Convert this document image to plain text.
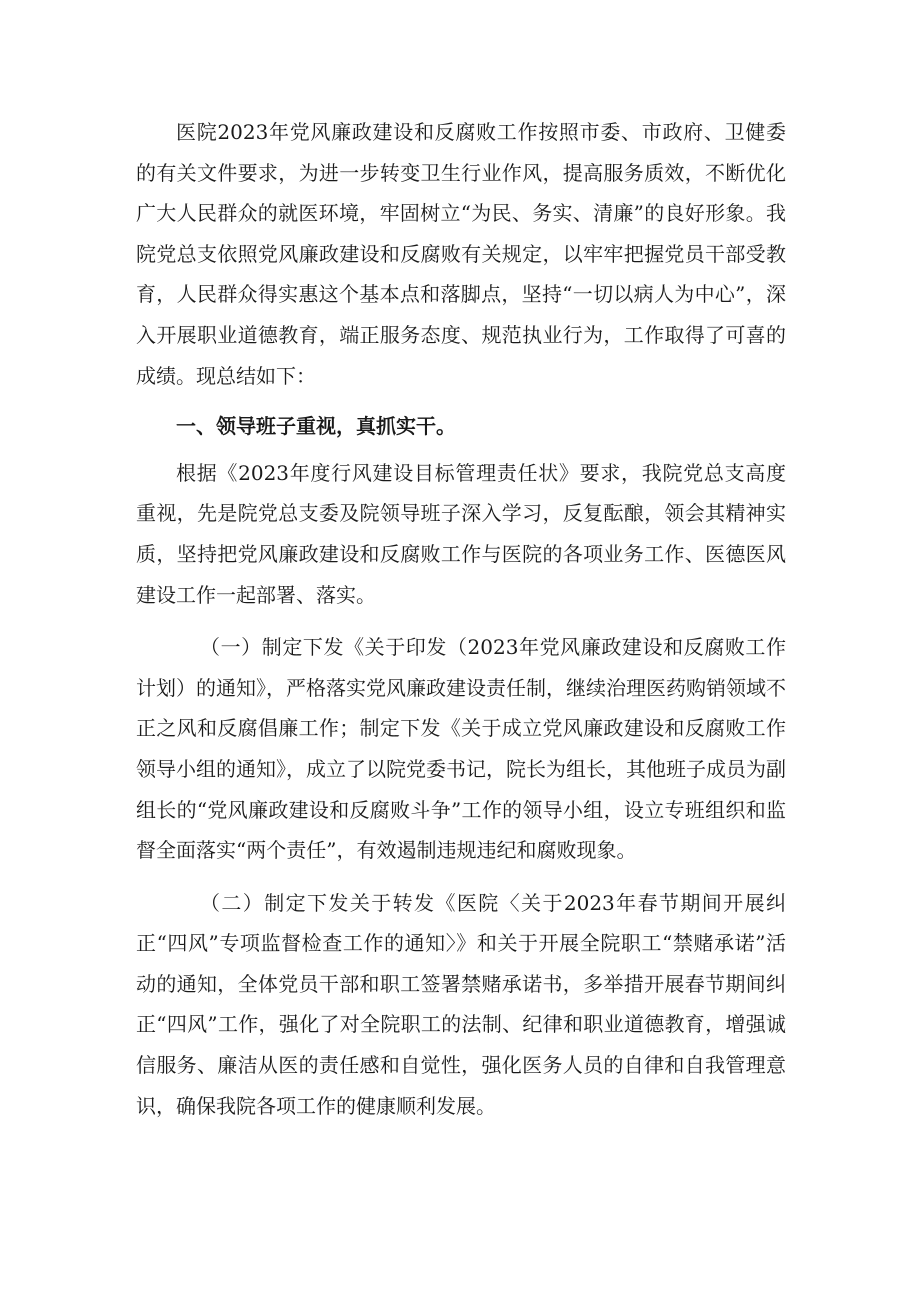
医院2023年党风廉政建设和反腐败工作按照市委、市政府、卫健委的有关文件要求，为进一步转变卫生行业作风，提高服务质效，不断优化广大人民群众的就医环境，牢固树立“为民、务实、清廉”的良好形象。我院党总支依照党风廉政建设和反腐败有关规定，以牢牢把握党员干部受教育，人民群众得实惠这个基本点和落脚点，坚持“一切以病人为中心”，深入开展职业道德教育，端正服务态度、规范执业行为，工作取得了可喜的成绩。现总结如下：

一、领导班子重视，真抓实干。

根据《2023年度行风建设目标管理责任状》要求，我院党总支高度重视，先是院党总支委及院领导班子深入学习，反复酝酿，领会其精神实质，坚持把党风廉政建设和反腐败工作与医院的各项业务工作、医德医风建设工作一起部署、落实。

（一）制定下发《关于印发（2023年党风廉政建设和反腐败工作计划）的通知》，严格落实党风廉政建设责任制，继续治理医药购销领域不正之风和反腐倡廉工作；制定下发《关于成立党风廉政建设和反腐败工作领导小组的通知》，成立了以院党委书记，院长为组长，其他班子成员为副组长的“党风廉政建设和反腐败斗争”工作的领导小组，设立专班组织和监督全面落实“两个责任”，有效遏制违规违纪和腐败现象。

（二）制定下发关于转发《医院〈关于2023年春节期间开展纠正“四风”专项监督检查工作的通知〉》和关于开展全院职工“禁赌承诺”活动的通知，全体党员干部和职工签署禁赌承诺书，多举措开展春节期间纠正“四风”工作，强化了对全院职工的法制、纪律和职业道德教育，增强诚信服务、廉洁从医的责任感和自觉性，强化医务人员的自律和自我管理意识，确保我院各项工作的健康顺利发展。
